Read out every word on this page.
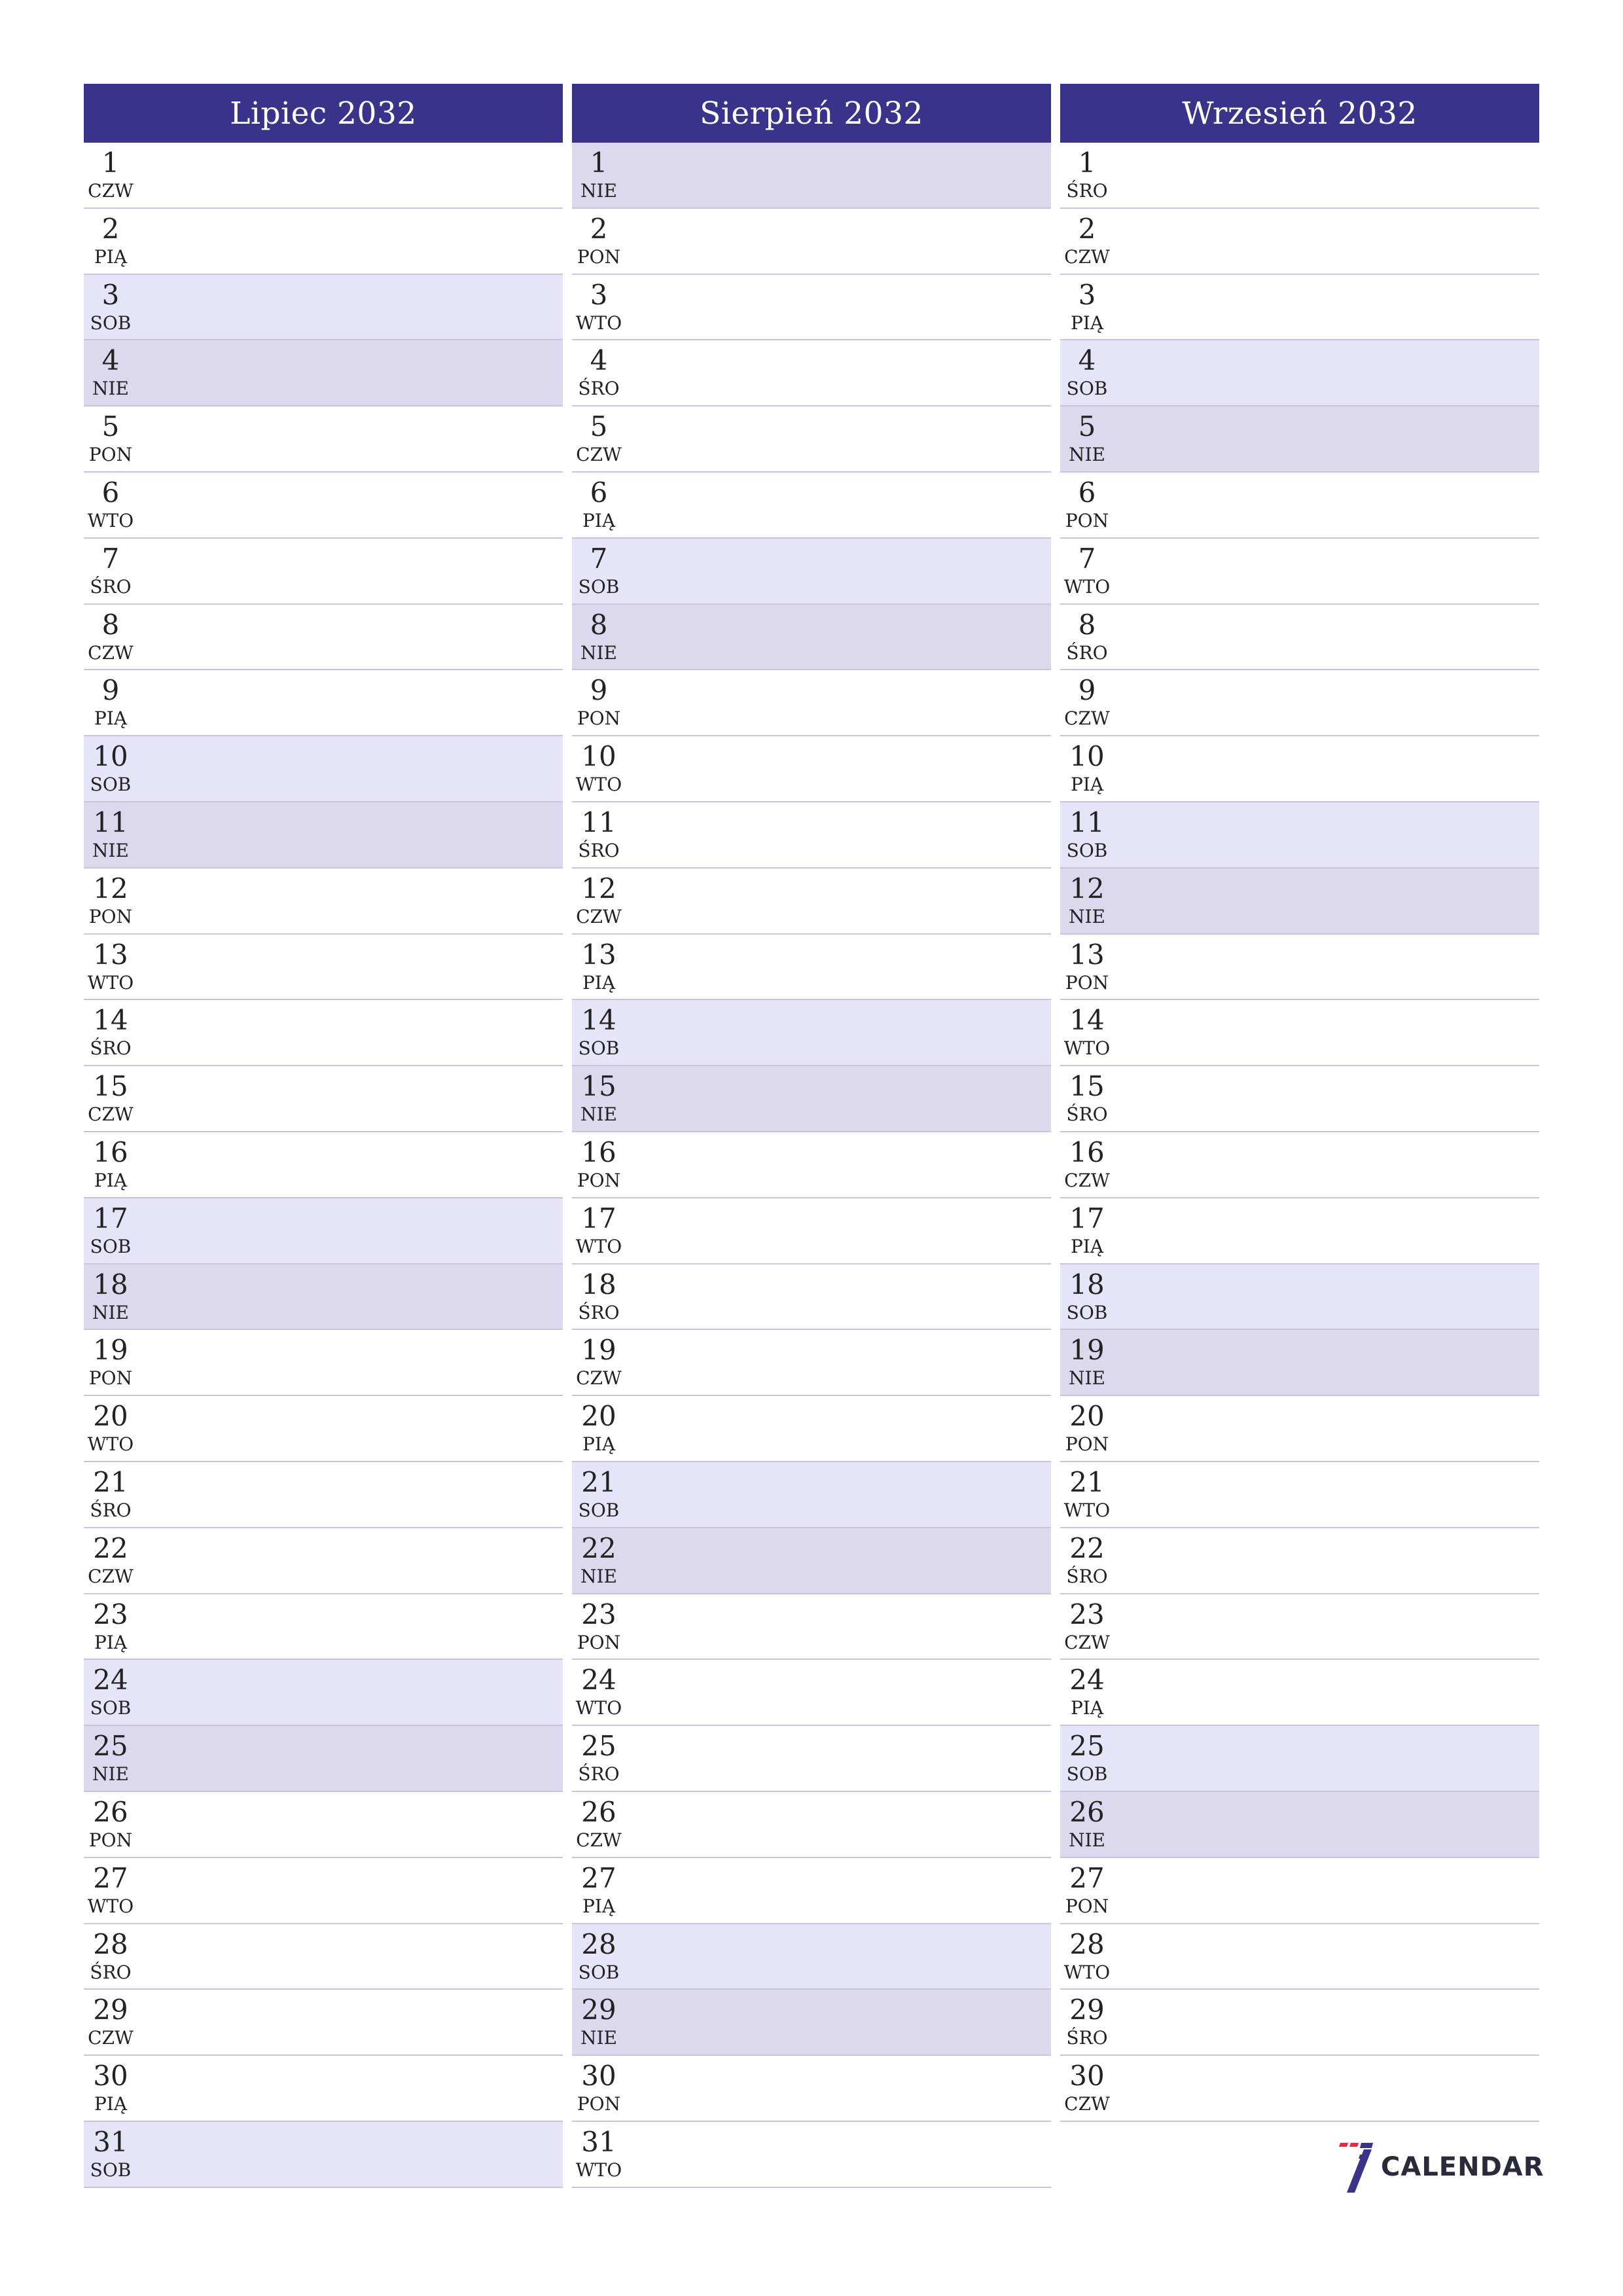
Lipiec 2032
1
CZW
2
PIĄ
3
SOB
4
NIE
5
PON
6
WTO
7
ŚRO
8
CZW
9
PIĄ
10
SOB
11
NIE
12
PON
13
WTO
14
ŚRO
15
CZW
16
PIĄ
17
SOB
18
NIE
19
PON
20
WTO
21
ŚRO
22
CZW
23
PIĄ
24
SOB
25
NIE
26
PON
27
WTO
28
ŚRO
29
CZW
30
PIĄ
31
SOB
Sierpień 2032
1
NIE
2
PON
3
WTO
4
ŚRO
5
CZW
6
PIĄ
7
SOB
8
NIE
9
PON
10
WTO
11
ŚRO
12
CZW
13
PIĄ
14
SOB
15
NIE
16
PON
17
WTO
18
ŚRO
19
CZW
20
PIĄ
21
SOB
22
NIE
23
PON
24
WTO
25
ŚRO
26
CZW
27
PIĄ
28
SOB
29
NIE
30
PON
31
WTO
Wrzesień 2032
1
ŚRO
2
CZW
3
PIĄ
4
SOB
5
NIE
6
PON
7
WTO
8
ŚRO
9
CZW
10
PIĄ
11
SOB
12
NIE
13
PON
14
WTO
15
ŚRO
16
CZW
17
PIĄ
18
SOB
19
NIE
20
PON
21
WTO
22
ŚRO
23
CZW
24
PIĄ
25
SOB
26
NIE
27
PON
28
WTO
29
ŚRO
30
CZW
CALENDAR
